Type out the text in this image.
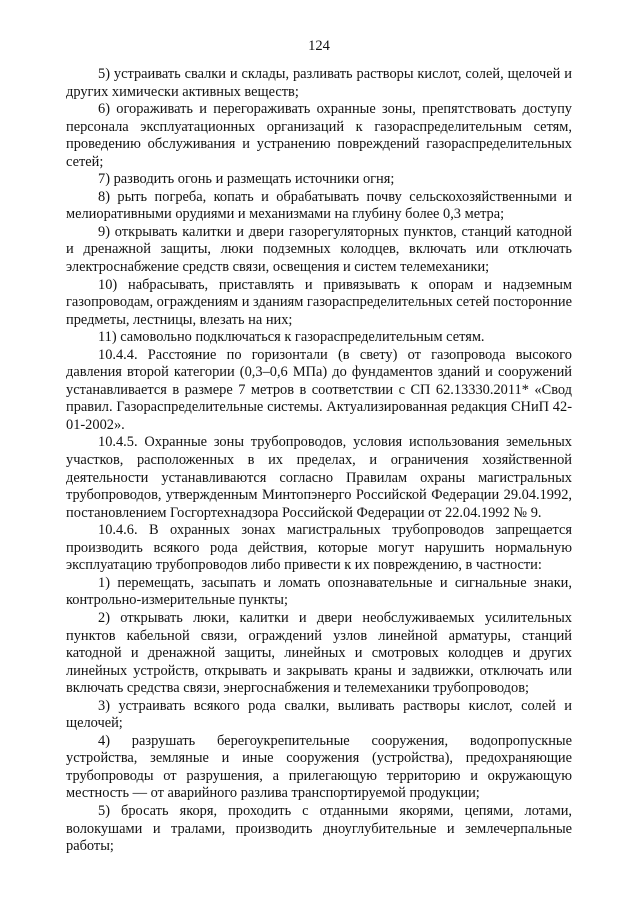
124

5) устраивать свалки и склады, разливать растворы кислот, солей, щелочей и других химически активных веществ;

6) огораживать и перегораживать охранные зоны, препятствовать доступу персонала эксплуатационных организаций к газораспределительным сетям, проведению обслуживания и устранению повреждений газораспределительных сетей;

7) разводить огонь и размещать источники огня;

8) рыть погреба, копать и обрабатывать почву сельскохозяйственными и мелиоративными орудиями и механизмами на глубину более 0,3 метра;

9) открывать калитки и двери газорегуляторных пунктов, станций катодной и дренажной защиты, люки подземных колодцев, включать или отключать электроснабжение средств связи, освещения и систем телемеханики;

10) набрасывать, приставлять и привязывать к опорам и надземным газопроводам, ограждениям и зданиям газораспределительных сетей посторонние предметы, лестницы, влезать на них;

11) самовольно подключаться к газораспределительным сетям.

10.4.4. Расстояние по горизонтали (в свету) от газопровода высокого давления второй категории (0,3–0,6 МПа) до фундаментов зданий и сооружений устанавливается в размере 7 метров в соответствии с СП 62.13330.2011* «Свод правил. Газораспределительные системы. Актуализированная редакция СНиП 42-01-2002».

10.4.5. Охранные зоны трубопроводов, условия использования земельных участков, расположенных в их пределах, и ограничения хозяйственной деятельности устанавливаются согласно Правилам охраны магистральных трубопроводов, утвержденным Минтопэнерго Российской Федерации 29.04.1992, постановлением Госгортехнадзора Российской Федерации от 22.04.1992 № 9.

10.4.6. В охранных зонах магистральных трубопроводов запрещается производить всякого рода действия, которые могут нарушить нормальную эксплуатацию трубопроводов либо привести к их повреждению, в частности:

1) перемещать, засыпать и ломать опознавательные и сигнальные знаки, контрольно-измерительные пункты;

2) открывать люки, калитки и двери необслуживаемых усилительных пунктов кабельной связи, ограждений узлов линейной арматуры, станций катодной и дренажной защиты, линейных и смотровых колодцев и других линейных устройств, открывать и закрывать краны и задвижки, отключать или включать средства связи, энергоснабжения и телемеханики трубопроводов;

3) устраивать всякого рода свалки, выливать растворы кислот, солей и щелочей;

4) разрушать берегоукрепительные сооружения, водопропускные устройства, земляные и иные сооружения (устройства), предохраняющие трубопроводы от разрушения, а прилегающую территорию и окружающую местность — от аварийного разлива транспортируемой продукции;

5) бросать якоря, проходить с отданными якорями, цепями, лотами, волокушами и тралами, производить дноуглубительные и землечерпальные работы;
